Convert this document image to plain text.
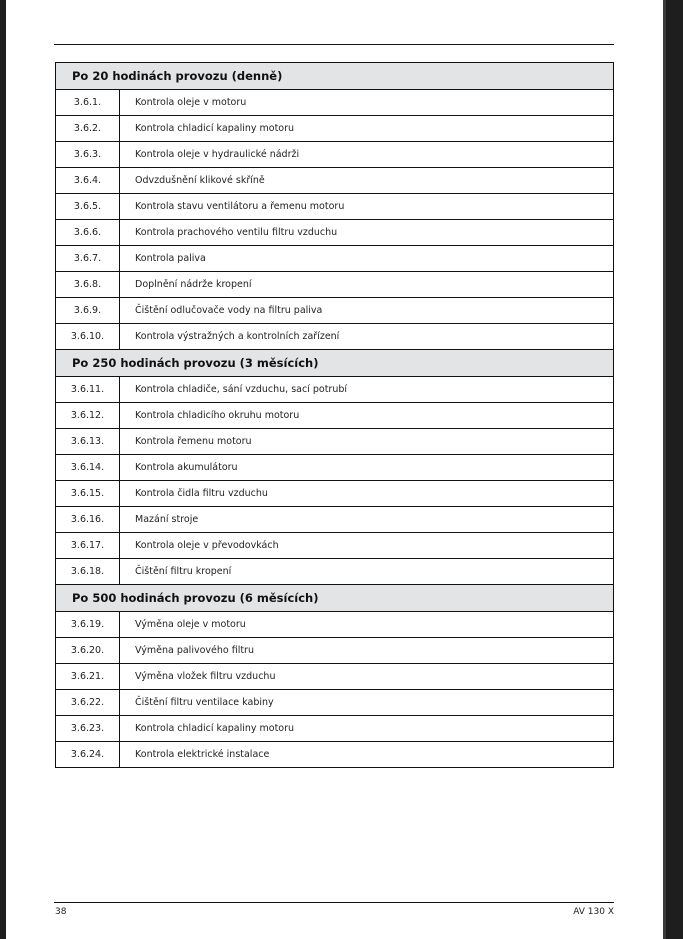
Po 20 hodinách provozu (denně)	
3.6.1.	Kontrola oleje v motoru
3.6.2.	Kontrola chladicí kapaliny motoru
3.6.3.	Kontrola oleje v hydraulické nádrži
3.6.4.	Odvzdušnění klikové skříně
3.6.5.	Kontrola stavu ventilátoru a řemenu motoru
3.6.6.	Kontrola prachového ventilu filtru vzduchu
3.6.7.	Kontrola paliva
3.6.8.	Doplnění nádrže kropení
3.6.9.	Čištění odlučovače vody na filtru paliva
3.6.10.	Kontrola výstražných a kontrolních zařízení
Po 250 hodinách provozu (3 měsících)	
3.6.11.	Kontrola chladiče, sání vzduchu, sací potrubí
3.6.12.	Kontrola chladicího okruhu motoru
3.6.13.	Kontrola řemenu motoru
3.6.14.	Kontrola akumulátoru
3.6.15.	Kontrola čidla filtru vzduchu
3.6.16.	Mazání stroje
3.6.17.	Kontrola oleje v převodovkách
3.6.18.	Čištění filtru kropení
Po 500 hodinách provozu (6 měsících)	
3.6.19.	Výměna oleje v motoru
3.6.20.	Výměna palivového filtru
3.6.21.	Výměna vložek filtru vzduchu
3.6.22.	Čištění filtru ventilace kabiny
3.6.23.	Kontrola chladicí kapaliny motoru
3.6.24.	Kontrola elektrické instalace
38	AV 130 X
